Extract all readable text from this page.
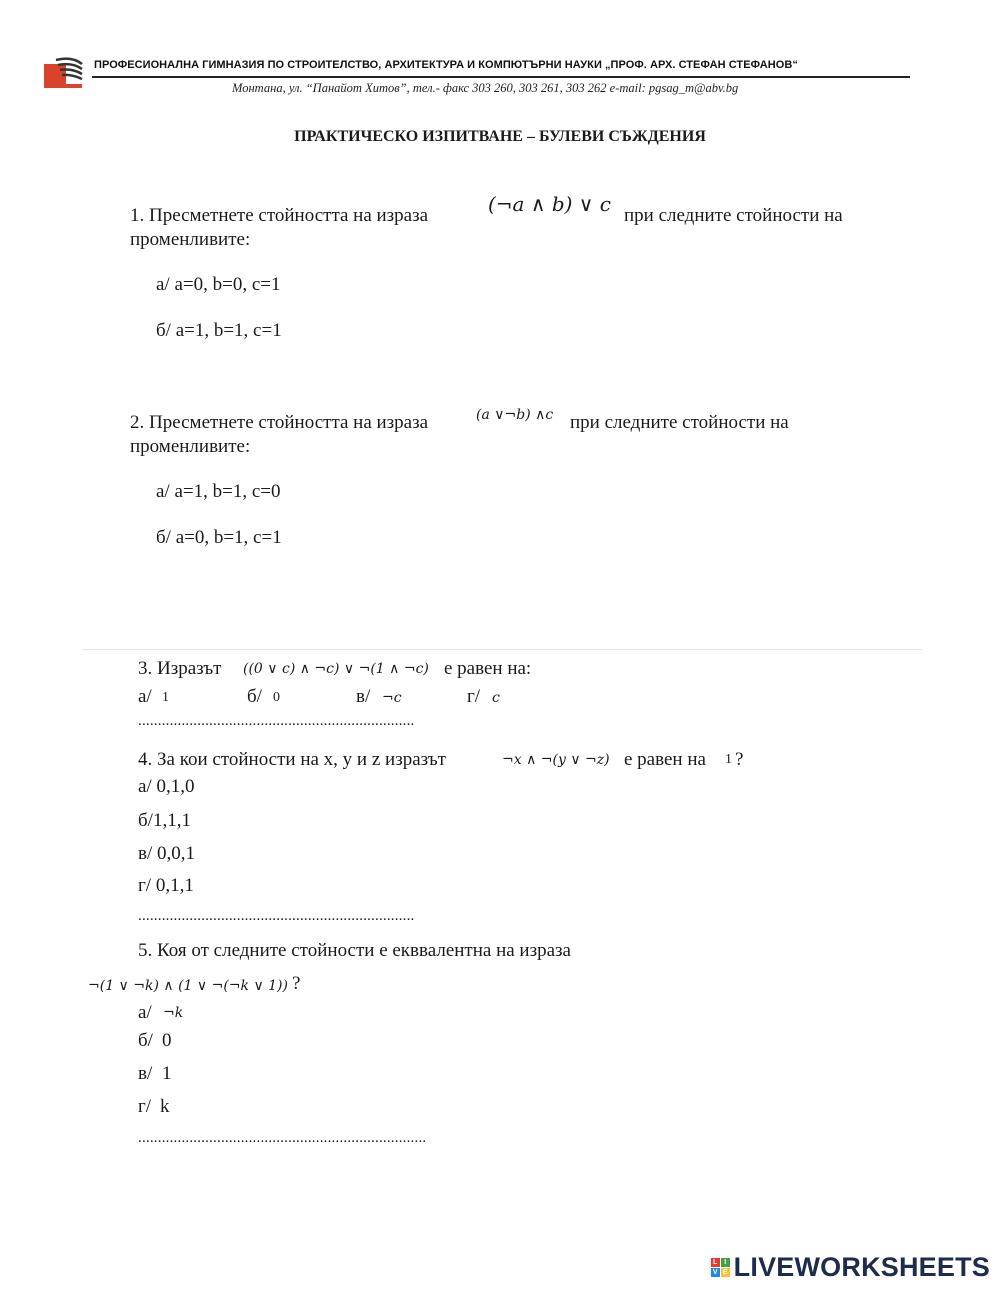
ПРОФЕСИОНАЛНА ГИМНАЗИЯ ПО СТРОИТЕЛСТВО, АРХИТЕКТУРА И КОМПЮТЪРНИ НАУКИ „ПРОФ. АРХ. СТЕФАН СТЕФАНОВ“
Монтана, ул. “Панайот Хитов”, тел.- факс 303 260, 303 261, 303 262 e-mail: pgsag_m@abv.bg
ПРАКТИЧЕСКО ИЗПИТВАНЕ – БУЛЕВИ СЪЖДЕНИЯ
1. Пресметнете стойността на израза	(¬a ∧ b) ∨ c при следните стойности на
променливите:
а/ a=0, b=0, c=1
б/ a=1, b=1, c=1
2. Пресметнете стойността на израза	(a ∨¬b) ∧c при следните стойности на
променливите:
а/ a=1, b=1, c=0
б/ a=0, b=1, c=1
3. Изразът ((0 ∨ c) ∧ ¬c) ∨ ¬(1 ∧ ¬c) е равен на:
а/ 1	б/ 0	в/ ¬c	г/ c
......................................................................
4. За кои стойности на x, y и z изразът	¬x ∧ ¬(y ∨ ¬z) е равен на 1 ?
а/ 0,1,0
б/1,1,1
в/ 0,0,1
г/ 0,1,1
......................................................................
5. Коя от следните стойности е екввалентна на израза
¬(1 ∨ ¬k) ∧ (1 ∨ ¬(¬k ∨ 1)) ?
а/ ¬k
б/ 0
в/ 1
г/ k
.........................................................................
L I
V E LIVEWORKSHEETS
